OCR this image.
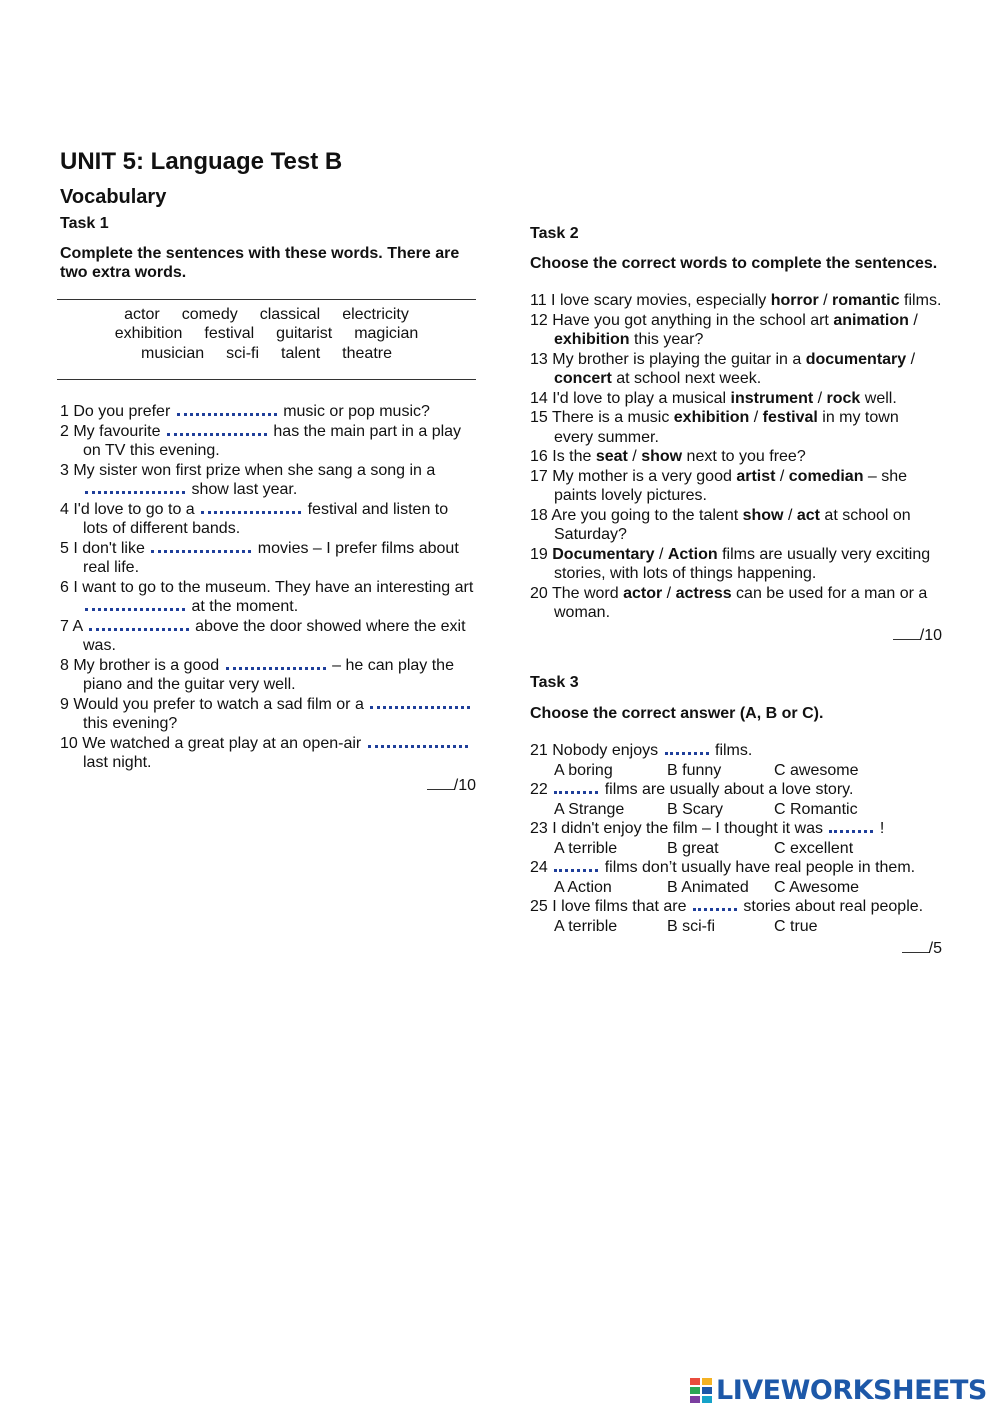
UNIT 5: Language Test B
Vocabulary
Task 1

Complete the sentences with these words. There are two extra words.

actor comedy classical electricity
exhibition festival guitarist magician
musician sci-fi talent theatre
1 Do you prefer	music or pop music?
2 My favourite	has the main part in a play on TV this evening.
3 My sister won first prize when she sang a song in a  show last year.
4 I'd love to go to a	festival and listen to lots of different bands.
5 I don't like	movies – I prefer films about real life.
6 I want to go to the museum. They have an interesting art  at the moment.
7 A	above the door showed where the exit was.
8 My brother is a good	– he can play the piano and the guitar very well.
9 Would you prefer to watch a sad film or a  this evening?
10 We watched a great play at an open-air  last night.
/10
Task 2

Choose the correct words to complete the sentences.

11 I love scary movies, especially horror / romantic films.
12 Have you got anything in the school art animation / exhibition this year?
13 My brother is playing the guitar in a documentary / concert at school next week.
14 I'd love to play a musical instrument / rock well.
15 There is a music exhibition / festival in my town every summer.
16 Is the seat / show next to you free?
17 My mother is a very good artist / comedian – she paints lovely pictures.
18 Are you going to the talent show / act at school on Saturday?
19 Documentary / Action films are usually very exciting stories, with lots of things happening.
20 The word actor / actress can be used for a man or a woman.
/10
Task 3

Choose the correct answer (A, B or C).

21 Nobody enjoys	films.
A boring	B funny	C awesome
22	films are usually about a love story.
A Strange	B Scary	C Romantic
23 I didn't enjoy the film – I thought it was	!
A terrible	B great	C excellent
24	films don’t usually have real people in them.
A Action	B Animated	C Awesome
25 I love films that are	stories about real people.
A terrible	B sci-fi	C true
/5
LIVEWORKSHEETS
